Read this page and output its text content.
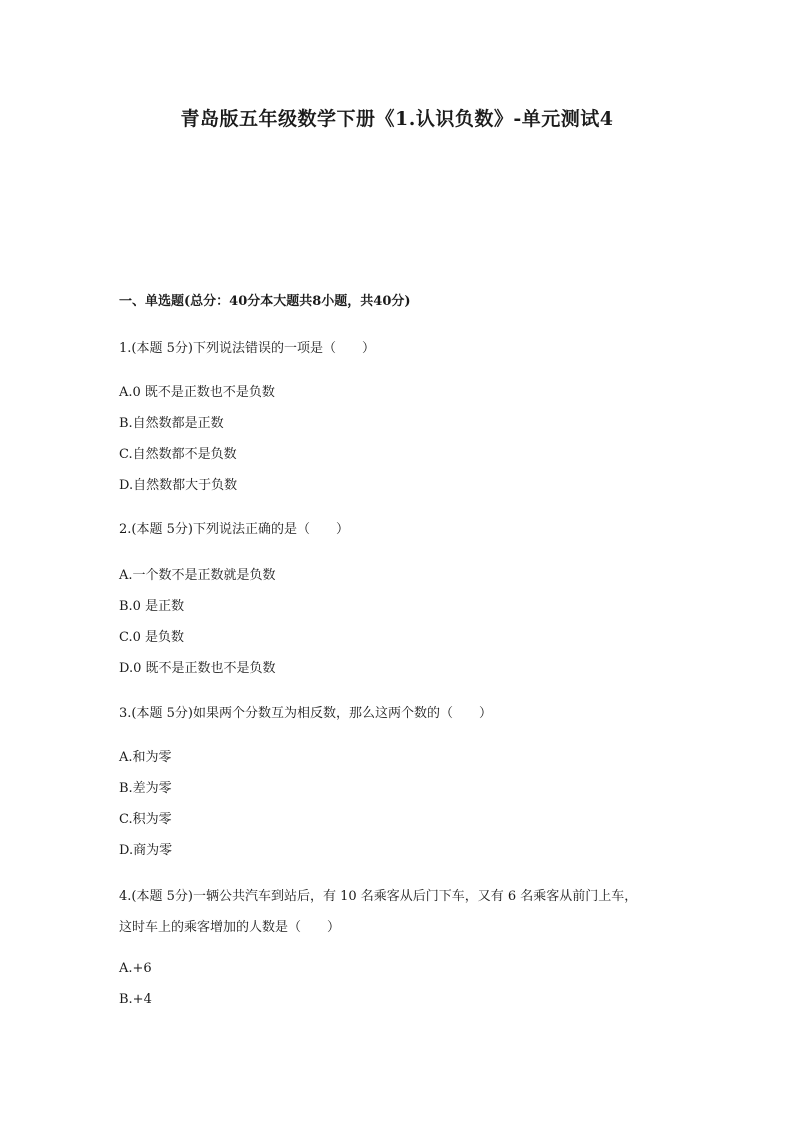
青岛版五年级数学下册《1.认识负数》-单元测试4
一、单选题(总分：40分本大题共8小题，共40分)
1.(本题 5分)下列说法错误的一项是（　　）
A.0 既不是正数也不是负数
B.自然数都是正数
C.自然数都不是负数
D.自然数都大于负数
2.(本题 5分)下列说法正确的是（　　）
A.一个数不是正数就是负数
B.0 是正数
C.0 是负数
D.0 既不是正数也不是负数
3.(本题 5分)如果两个分数互为相反数，那么这两个数的（　　）
A.和为零
B.差为零
C.积为零
D.商为零
4.(本题 5分)一辆公共汽车到站后，有 10 名乘客从后门下车，又有 6 名乘客从前门上车，
这时车上的乘客增加的人数是（　　）
A.+6
B.+4
